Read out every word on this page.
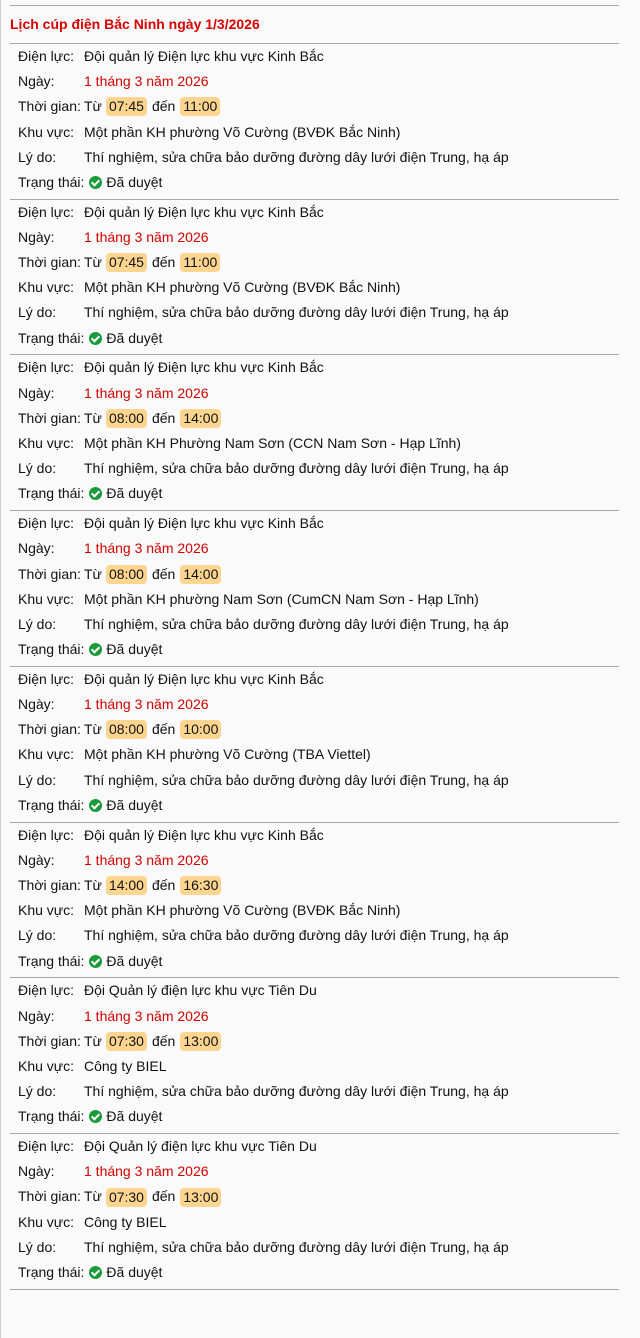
Lịch cúp điện Bắc Ninh ngày 1/3/2026
Điện lực: Đội quản lý Điện lực khu vực Kinh Bắc
Ngày:	1 tháng 3 năm 2026
Thời gian: Từ 07:45 đến 11:00
Khu vực: Một phần KH phường Võ Cường (BVĐK Bắc Ninh)
Lý do:	Thí nghiệm, sửa chữa bảo dưỡng đường dây lưới điện Trung, hạ áp
Trạng thái: Đã duyệt
Điện lực: Đội quản lý Điện lực khu vực Kinh Bắc
Ngày:	1 tháng 3 năm 2026
Thời gian: Từ 07:45 đến 11:00
Khu vực: Một phần KH phường Võ Cường (BVĐK Bắc Ninh)
Lý do:	Thí nghiệm, sửa chữa bảo dưỡng đường dây lưới điện Trung, hạ áp
Trạng thái: Đã duyệt
Điện lực: Đội quản lý Điện lực khu vực Kinh Bắc
Ngày:	1 tháng 3 năm 2026
Thời gian: Từ 08:00 đến 14:00
Khu vực: Một phần KH Phường Nam Sơn (CCN Nam Sơn - Hạp Lĩnh)
Lý do:	Thí nghiệm, sửa chữa bảo dưỡng đường dây lưới điện Trung, hạ áp
Trạng thái: Đã duyệt
Điện lực: Đội quản lý Điện lực khu vực Kinh Bắc
Ngày:	1 tháng 3 năm 2026
Thời gian: Từ 08:00 đến 14:00
Khu vực: Một phần KH phường Nam Sơn (CumCN Nam Sơn - Hạp Lĩnh)
Lý do:	Thí nghiệm, sửa chữa bảo dưỡng đường dây lưới điện Trung, hạ áp
Trạng thái: Đã duyệt
Điện lực: Đội quản lý Điện lực khu vực Kinh Bắc
Ngày:	1 tháng 3 năm 2026
Thời gian: Từ 08:00 đến 10:00
Khu vực: Một phần KH phường Võ Cường (TBA Viettel)
Lý do:	Thí nghiệm, sửa chữa bảo dưỡng đường dây lưới điện Trung, hạ áp
Trạng thái: Đã duyệt
Điện lực: Đội quản lý Điện lực khu vực Kinh Bắc
Ngày:	1 tháng 3 năm 2026
Thời gian: Từ 14:00 đến 16:30
Khu vực: Một phần KH phường Võ Cường (BVĐK Bắc Ninh)
Lý do:	Thí nghiệm, sửa chữa bảo dưỡng đường dây lưới điện Trung, hạ áp
Trạng thái: Đã duyệt
Điện lực: Đội Quản lý điện lực khu vực Tiên Du
Ngày:	1 tháng 3 năm 2026
Thời gian: Từ 07:30 đến 13:00
Khu vực: Công ty BIEL
Lý do:	Thí nghiệm, sửa chữa bảo dưỡng đường dây lưới điện Trung, hạ áp
Trạng thái: Đã duyệt
Điện lực: Đội Quản lý điện lực khu vực Tiên Du
Ngày:	1 tháng 3 năm 2026
Thời gian: Từ 07:30 đến 13:00
Khu vực: Công ty BIEL
Lý do:	Thí nghiệm, sửa chữa bảo dưỡng đường dây lưới điện Trung, hạ áp
Trạng thái: Đã duyệt
